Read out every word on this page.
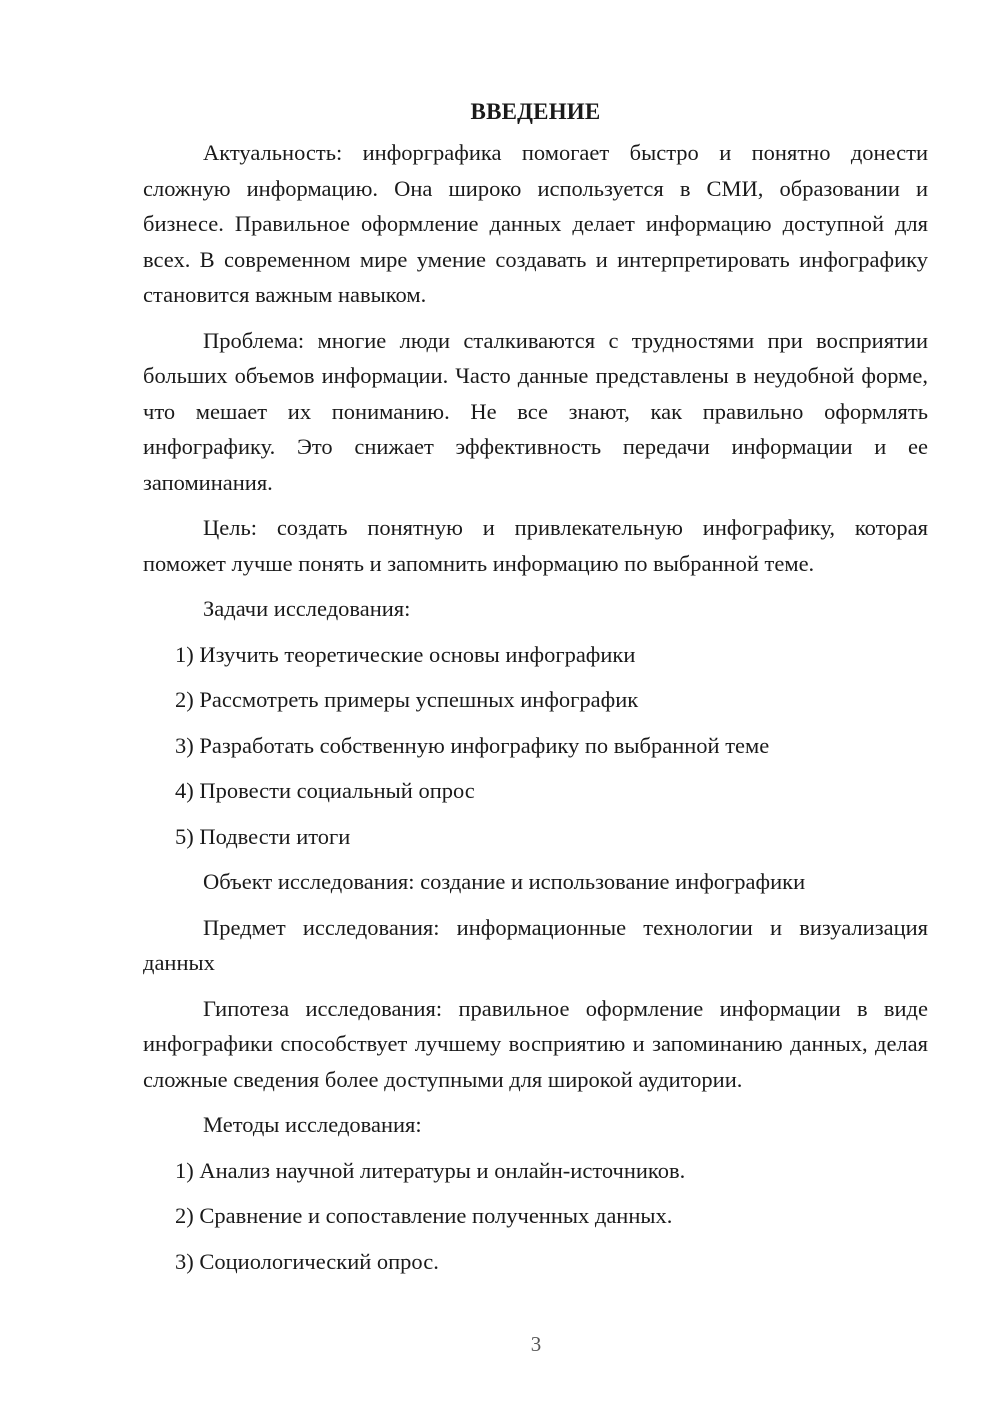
ВВЕДЕНИЕ

Актуальность: инфорграфика помогает быстро и понятно донести сложную информацию. Она широко используется в СМИ, образовании и бизнесе. Правильное оформление данных делает информацию доступной для всех. В современном мире умение создавать и интерпретировать инфографику становится важным навыком.

Проблема: многие люди сталкиваются с трудностями при восприятии больших объемов информации. Часто данные представлены в неудобной форме, что мешает их пониманию. Не все знают, как правильно оформлять инфографику. Это снижает эффективность передачи информации и ее запоминания.

Цель: создать понятную и привлекательную инфографику, которая поможет лучше понять и запомнить информацию по выбранной теме.

Задачи исследования:

1) Изучить теоретические основы инфографики

2) Рассмотреть примеры успешных инфографик

3) Разработать собственную инфографику по выбранной теме

4) Провести социальный опрос

5) Подвести итоги

Объект исследования: создание и использование инфографики

Предмет исследования: информационные технологии и визуализация данных

Гипотеза исследования: правильное оформление информации в виде инфографики способствует лучшему восприятию и запоминанию данных, делая сложные сведения более доступными для широкой аудитории.

Методы исследования:

1) Анализ научной литературы и онлайн-источников.

2) Сравнение и сопоставление полученных данных.

3) Социологический опрос.

3
